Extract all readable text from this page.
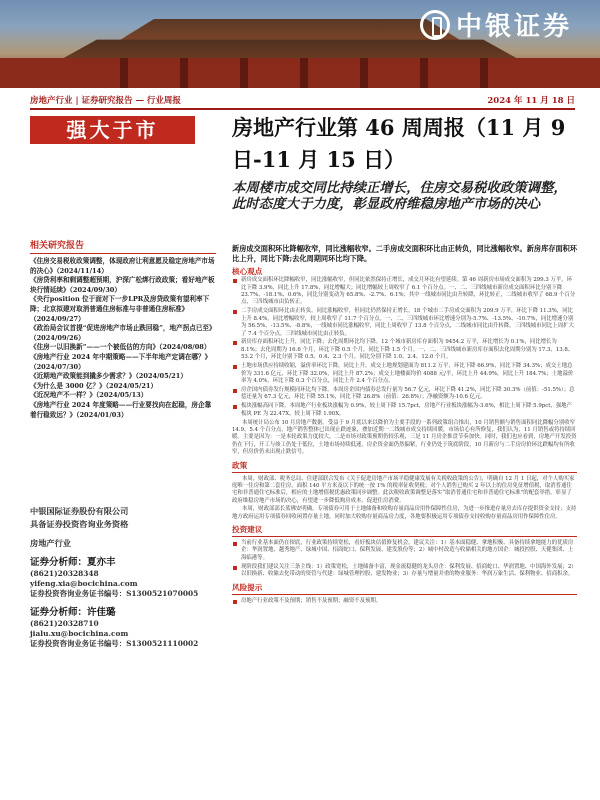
中银证券
房地产行业 | 证券研究报告 — 行业周报	2024 年 11 月 18 日
强大于市	房地产行业第 46 周周报（11 月 9 日-11 月 15 日）
本周楼市成交同比持续正增长，住房交易税收政策调整，此时态度大于力度，彰显政府维稳房地产市场的决心
相关研究报告
《住房交易税收政策调整，体现政府让利意愿及稳定房地产市场的决心》（2024/11/14）
《房贷利率和剩调整超预期，沪深广松绑行政政策；看好地产板块行情延续》（2024/09/30）
《央行position 位于面对下一步LPR及房贷政策有望利率下降；北京拟建对取消普通住房标准与非普通住房标准》（2024/09/27）
《政治局会议首提“促进房地产市场止跌回稳”，地产拐点已至》（2024/09/26）
《住房一以旧换新”——一个被低估的方向》（2024/08/08）
《房地产行业 2024 年中期策略——下半年地产定调在哪？》（2024/07/30）
《近期地产政策能到撬多少需求？》（2024/05/21）
《为什么是 3000 亿？》（2024/05/21）
《近况地产不一样？》（2024/05/13）
《房地产行业 2024 年度策略——行业要找向在起稳，房企靠着行稳致远？》（2024/01/03）
中银国际证券股份有限公司
具备证券投资咨询业务资格
房地产行业
证券分析师：夏亦丰
(8621)20328348
yifeng.xia@bocichina.com
证券投资咨询业务证书编号：S1300521070005
证券分析师：许佳璐
(8621)20328710
jialu.xu@bocichina.com
证券投资咨询业务证书编号：S1300521110002
新房成交面积环比降幅收窄，同比涨幅收窄。二手房成交面积环比由正转负，同比涨幅收窄。新房库存面积环比上升，同比下降;去化周期同环比均下降。
核心观点
新房成交面积环比降幅收窄，同比涨幅收窄，但同比依然保持正增长，成交月环比有望延续。第 46 周新房市场成交面积为 299.3 万平，环比下降 3.9%，同比上升 17.8%，同比增幅大；同比增幅较上周收窄了 6.1 个百分点。一、二、三四线城市新房成交面积环比分别下降 23.7%、-18.1%、0.6%，同比分别变动为 65.8%、-2.7%、6.1%；其中一线城市同比由升转降，环比转正，二线城市收窄了 68.9 个百分点，三四线城市由负转正。
二手房成交面积环比由正转负，同比涨幅收窄，但同比仍然保持正增长。18 个城市二手房成交面积为 209.9 万平，环比下降 11.3%，同比上升 8.4%，同比增幅收窄，较上周收窄了 11.7 个百分点。一、二、三四线城市环比增速分别为-5.7%、-13.5%、-10.7%，同比增速分别为 56.5%、-13.5%、-8.8%，一线城市同比涨幅收窄，同比上周收窄了 13.8 个百分点，二线城市同比由升转降，三四线城市同比上周扩大了 7.4 个百分点，三四线城市同比由正转负。
新房库存面积环比上升，同比下降；去化周期环比均下降。12 个城市新房库存面积为 9454.2 万平，环比增长为 0.1%，同比增长为 8.1%；去化周期为 16.6 个月，环比下降 0.5 个月，同比下降 1.5 个月。一、二、三四线城市新房库存面积去化周期分别为 17.3、13.8、53.2 个月，环比分别下降 0.5、0.4、2.3 个月，同比分别下降 1.0、2.4、12.0 个月。
土地市场供应持续收缩，溢价率环比下降，同比上升。成交土地规划建面为 811.2 万平，环比下降 66.9%，同比下降 34.3%；成交土地总价为 331.6 亿元，环比下降 32.0%，同比上升 87.2%；成交土地楼面均价 4088 元/平，环比上升 44.9%，同比上升 184.7%；土地溢价率为 4.0%，环比下降 0.3 个百分点，同比上升 2.4 个百分点。
房企国内债券发行规模同环比均下降。本周房企国内债券总发行量为 56.7 亿元，环比下降 41.2%，同比下降 30.3%（前值：-51.5%）；总偿还量为 67.3 亿元，环比下降 55.1%，同比下降 26.8%（前值：26.8%）；净融资额为-10.6 亿元。
板块涨幅高同下降。本周地产行业板块涨幅为 0.9%，较上周下降 15.7pct，房地产行业板块涨幅为-3.6%，相比上周下降 5.9pct，强地产板块 PE 为 22.47X，较上周下降 1.90X。
本周统计局公布 10 月房地产数据。受益于 9 月底以来以降价为主要手段的一系列政策组合推出，10 月销售额与销售面积同比降幅分别收窄 14.9、5.4 个百分点，地产销售整体已出现止跌迹象，叠加近期一二线城市成交持续回暖，市场信心有所修复，我们认为，11 月销售或将持续回暖。主要是因为：一是本轮政策力度较大，二是市场对政策预期仍较乐观，三是 11 月房企推盘节奏加快。同时，我们也应看到，房地产开发投资仍在下行，开工与竣工仍处于低位，土地市场持续低迷，房企资金面仍然偏紧，行业仍处于筑底阶段，10 月新房与二手房房价环比跌幅均有所收窄，但房价仍未出现止跌信号。
政策
本周，财政部、税务总局、住建部联合发布《关于促进房地产市场平稳健康发展有关税收政策的公告》，明确自 12 月 1 日起，对个人购买家庭唯一住房和第二套住房，面积 140 平方米及以下的统一按 1% 的税率征收契税；对个人销售已购买 2 年以上的住房免征增值税，取消普通住宅和非普通住宅标准后，相应的土地增值税优惠政策同步调整。此次税收政策调整是落实“取消普通住宅和非普通住宅标准”的配套举措，彰显了政府维稳房地产市场的决心，有望进一步降低购房成本，促进住房消费。
本周，财政部部长蓝佛安明确，专项债券可用于土地储备和收购存量商品房用作保障性住房，为进一步推进存量房去库存提供资金支持；支持地方政府运用专项债券回收闲置存量土地，同时加大收购存量商品房力度，各地要积极运用专项债券支持收购存量商品房用作保障性住房。
投资建议
当前行业基本面仍在探底，行业政策持续宽松，看好板块估值修复机会，建议关注：1）基本面稳健、拿地积极、具备持续拿地能力的优质房企：华润置地、越秀地产、绿城中国、招商蛇口、保利发展、建发股份等；2）城中村改造与收储相关的地方国企：城投控股、天健集团、上海临港等。
现阶段我们建议关注三条主线：1）政策宽松，土地储备丰富，现金流稳健的龙头房企：保利发展、招商蛇口、华润置地、中国海外发展；2）以旧换新、收储去化带动的资管与代建：绿城管理控股、建发物业；3）存量与增量并重的物业服务：华润万象生活、保利物业、招商积余。
风险提示
房地产行业政策不及预期；销售不及预期；融资不及预期。
